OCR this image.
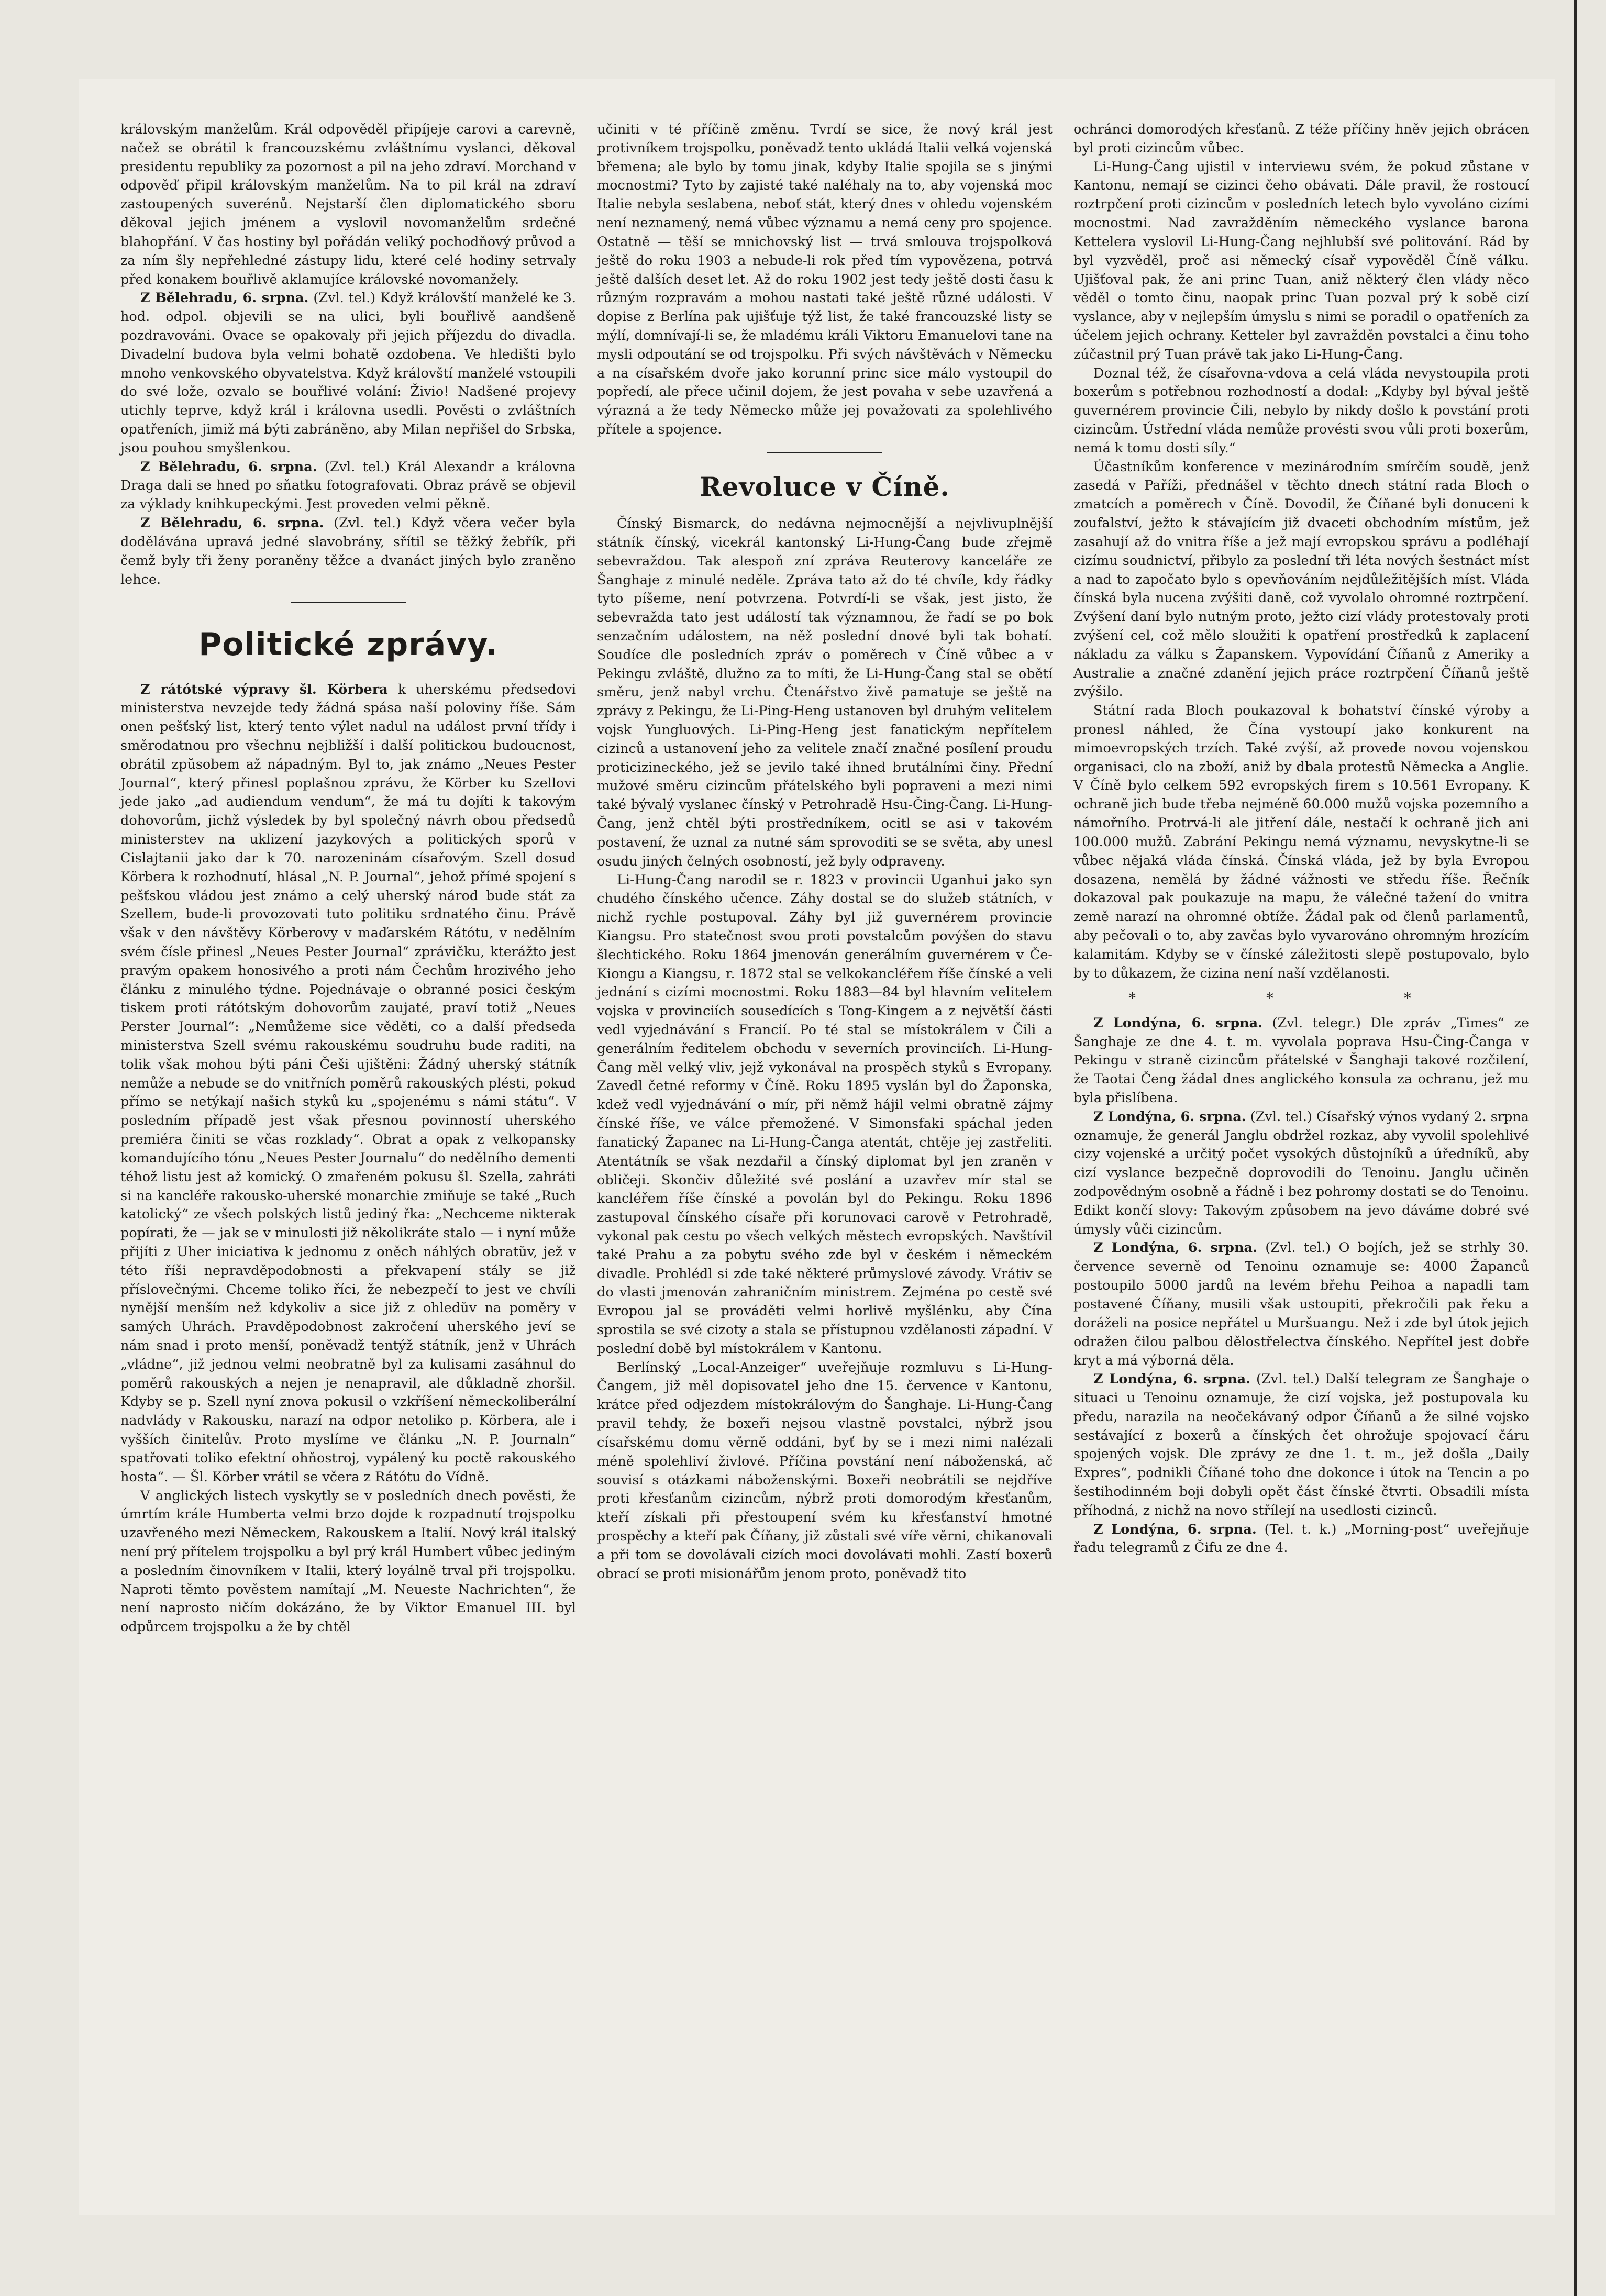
královským manželům. Král odpověděl připíjeje carovi a carevně, načež se obrátil k francouzskému zvláštnímu vyslanci, děkoval presidentu republiky za pozornost a pil na jeho zdraví. Morchand v odpověď připil královským manželům. Na to pil král na zdraví zastoupených suverénů. Nejstarší člen diplomatického sboru děkoval jejich jménem a vyslovil novomanželům srdečné blahopřání. V čas hostiny byl pořádán veliký pochodňový průvod a za ním šly nepřehledné zástupy lidu, které celé hodiny setrvaly před konakem bouřlivě aklamujíce královské novomanžely.

Z Bělehradu, 6. srpna. (Zvl. tel.) Když královští manželé ke 3. hod. odpol. objevili se na ulici, byli bouřlivě aandšeně pozdravováni. Ovace se opakovaly při jejich příjezdu do divadla. Divadelní budova byla velmi bohatě ozdobena. Ve hledišti bylo mnoho venkovského obyvatelstva. Když královští manželé vstoupili do své lože, ozvalo se bouřlivé volání: Živio! Nadšené projevy utichly teprve, když král i královna usedli. Pověsti o zvláštních opatřeních, jimiž má býti zabráněno, aby Milan nepřišel do Srbska, jsou pouhou smyšlenkou.

Z Bělehradu, 6. srpna. (Zvl. tel.) Král Alexandr a královna Draga dali se hned po sňatku fotografovati. Obraz právě se objevil za výklady knihkupeckými. Jest proveden velmi pěkně.

Z Bělehradu, 6. srpna. (Zvl. tel.) Když včera večer byla dodělávána upravá jedné slavobrány, sřítil se těžký žebřík, při čemž byly tři ženy poraněny těžce a dvanáct jiných bylo zraněno lehce.

Politické zprávy.

Z rátótské výpravy šl. Körbera k uherskému předsedovi ministerstva nevzejde tedy žádná spása naší poloviny říše. Sám onen pešťský list, který tento výlet nadul na událost první třídy i směrodatnou pro všechnu nejbližší i další politickou budoucnost, obrátil zpŭsobem až nápadným. Byl to, jak známo „Neues Pester Journal“, který přinesl poplašnou zprávu, že Körber ku Szellovi jede jako „ad audiendum vendum“, že má tu dojíti k takovým dohovorům, jichž výsledek by byl společný návrh obou předsedů ministerstev na uklizení jazykových a politických sporů v Cislajtanii jako dar k 70. narozeninám císařovým. Szell dosud Körbera k rozhodnutí, hlásal „N. P. Journal“, jehož přímé spojení s pešťskou vládou jest známo a celý uherský národ bude stát za Szellem, bude-li provozovati tuto politiku srdnatého činu. Právě však v den návštěvy Körberovy v maďarském Rátótu, v nedělním svém čísle přinesl „Neues Pester Journal“ zprávičku, kterážto jest pravým opakem honosivého a proti nám Čechům hrozivého jeho článku z minulého týdne. Pojednávaje o obranné posici českým tiskem proti rátótským dohovorům zaujaté, praví totiž „Neues Perster Journal“: „Nemůžeme sice věděti, co a další předseda ministerstva Szell svému rakouskému soudruhu bude raditi, na tolik však mohou býti páni Češi ujištěni: Žádný uherský státník nemůže a nebude se do vnitřních poměrů rakouských plésti, pokud přímo se netýkají našich styků ku „spojenému s námi státu“. V posledním případě jest však přesnou povinností uherského premiéra činiti se včas rozklady“. Obrat a opak z velkopansky komandujícího tónu „Neues Pester Journalu“ do nedělního dementi téhož listu jest až komický. O zmařeném pokusu šl. Szella, zahráti si na kancléře rakousko-uherské monarchie zmiňuje se také „Ruch katolický“ ze všech polských listů jediný řka: „Nechceme nikterak popírati, že — jak se v minulosti již několikráte stalo — i nyní může přijíti z Uher iniciativa k jednomu z oněch náhlých obratŭv, jež v této říši nepravděpodobnosti a překvapení stály se již příslovečnými. Chceme toliko říci, že nebezpečí to jest ve chvíli nynější menším než kdykoliv a sice již z ohledŭv na poměry v samých Uhrách. Pravděpodobnost zakročení uherského jeví se nám snad i proto menší, poněvadž tentýž státník, jenž v Uhrách „vládne“, již jednou velmi neobratně byl za kulisami zasáhnul do poměrů rakouských a nejen je nenapravil, ale důkladně zhoršil. Kdyby se p. Szell nyní znova pokusil o vzkříšení německoliberální nadvlády v Rakousku, narazí na odpor netoliko p. Körbera, ale i vyšších činitelův. Proto myslíme ve článku „N. P. Journaln“ spatřovati toliko efektní ohňostroj, vypálený ku poctě rakouského hosta“. — Šl. Körber vrátil se včera z Rátótu do Vídně.

V anglických listech vyskytly se v posledních dnech pověsti, že úmrtím krále Humberta velmi brzo dojde k rozpadnutí trojspolku uzavřeného mezi Německem, Rakouskem a Italií. Nový král italský není prý přítelem trojspolku a byl prý král Humbert vůbec jediným a posledním činovníkem v Italii, který loyálně trval při trojspolku. Naproti těmto pověstem namítají „M. Neueste Nachrichten“, že není naprosto ničím dokázáno, že by Viktor Emanuel III. byl odpůrcem trojspolku a že by chtěl

učiniti v té příčině změnu. Tvrdí se sice, že nový král jest protivníkem trojspolku, poněvadž tento ukládá Italii velká vojenská břemena; ale bylo by tomu jinak, kdyby Italie spojila se s jinými mocnostmi? Tyto by zajisté také naléhaly na to, aby vojenská moc Italie nebyla seslabena, neboť stát, který dnes v ohledu vojenském není neznamený, nemá vůbec významu a nemá ceny pro spojence. Ostatně — těší se mnichovský list — trvá smlouva trojspolková ještě do roku 1903 a nebude-li rok před tím vypovězena, potrvá ještě dalších deset let. Až do roku 1902 jest tedy ještě dosti času k různým rozpravám a mohou nastati také ještě různé události. V dopise z Berlína pak ujišťuje týž list, že také francouzské listy se mýlí, domnívají-li se, že mladému králi Viktoru Emanuelovi tane na mysli odpoutání se od trojspolku. Při svých návštěvách v Německu a na císařském dvoře jako korunní princ sice málo vystoupil do popředí, ale přece učinil dojem, že jest povaha v sebe uzavřená a výrazná a že tedy Německo může jej považovati za spolehlivého přítele a spojence.

Revoluce v Číně.

Čínský Bismarck, do nedávna nejmocnější a nejvlivuplnější státník čínský, vicekrál kantonský Li-Hung-Čang bude zřejmě sebevraždou. Tak alespoň zní zpráva Reuterovy kanceláře ze Šanghaje z minulé neděle. Zpráva tato až do té chvíle, kdy řádky tyto píšeme, není potvrzena. Potvrdí-li se však, jest jisto, že sebevražda tato jest událostí tak významnou, že řadí se po bok senzačním událostem, na něž poslední dnové byli tak bohatí. Soudíce dle posledních zpráv o poměrech v Číně vůbec a v Pekingu zvláště, dlužno za to míti, že Li-Hung-Čang stal se obětí směru, jenž nabyl vrchu. Čtenářstvo živě pamatuje se ještě na zprávy z Pekingu, že Li-Ping-Heng ustanoven byl druhým velitelem vojsk Yungluových. Li-Ping-Heng jest fanatickým nepřítelem cizinců a ustanovení jeho za velitele značí značné posílení proudu proticizineckého, jež se jevilo také ihned brutálními činy. Přední mužové směru cizincům přátelského byli popraveni a mezi nimi také bývalý vyslanec čínský v Petrohradě Hsu-Čing-Čang. Li-Hung-Čang, jenž chtěl býti prostředníkem, ocitl se asi v takovém postavení, že uznal za nutné sám sprovoditi se se světa, aby unesl osudu jiných čelných osobností, jež byly odpraveny.

Li-Hung-Čang narodil se r. 1823 v provincii Uganhui jako syn chudého čínského učence. Záhy dostal se do služeb státních, v nichž rychle postupoval. Záhy byl již guvernérem provincie Kiangsu. Pro statečnost svou proti povstalcům povýšen do stavu šlechtického. Roku 1864 jmenován generálním guvernérem v Če-Kiongu a Kiangsu, r. 1872 stal se velkokancléřem říše čínské a veli jednání s cizími mocnostmi. Roku 1883—84 byl hlavním velitelem vojska v provinciích sousedících s Tong-Kingem a z největší části vedl vyjednávání s Francií. Po té stal se místokrálem v Čili a generálním ředitelem obchodu v severních provinciích. Li-Hung-Čang měl velký vliv, jejž vykonával na prospěch styků s Evropany. Zavedl četné reformy v Číně. Roku 1895 vyslán byl do Žaponska, kdež vedl vyjednávání o mír, při němž hájil velmi obratně zájmy čínské říše, ve válce přemožené. V Simonsfaki spáchal jeden fanatický Žapanec na Li-Hung-Čanga atentát, chtěje jej zastřeliti. Atentátník se však nezdařil a čínský diplomat byl jen zraněn v obličeji. Skončiv důležité své poslání a uzavřev mír stal se kancléřem říše čínské a povolán byl do Pekingu. Roku 1896 zastupoval čínského císaře při korunovaci carově v Petrohradě, vykonal pak cestu po všech velkých městech evropských. Navštívil také Prahu a za pobytu svého zde byl v českém i německém divadle. Prohlédl si zde také některé průmyslové závody. Vrátiv se do vlasti jmenován zahraničním ministrem. Zejména po cestě své Evropou jal se prováděti velmi horlivě myšlénku, aby Čína sprostila se své cizoty a stala se přístupnou vzdělanosti západní. V poslední době byl místokrálem v Kantonu.

Berlínský „Local-Anzeiger“ uveřejňuje rozmluvu s Li-Hung-Čangem, již měl dopisovatel jeho dne 15. července v Kantonu, krátce před odjezdem místokrálovým do Šanghaje. Li-Hung-Čang pravil tehdy, že boxeři nejsou vlastně povstalci, nýbrž jsou císařskému domu věrně oddáni, byť by se i mezi nimi nalézali méně spolehliví živlové. Příčina povstání není náboženská, ač souvisí s otázkami náboženskými. Boxeři neobrátili se nejdříve proti křesťanům cizincům, nýbrž proti domorodým křesťanům, kteří získali při přestoupení svém ku křesťanství hmotné prospěchy a kteří pak Číňany, již zůstali své víře věrni, chikanovali a při tom se dovolávali cizích moci dovolávati mohli. Zastí boxerů obrací se proti misionářům jenom proto, poněvadž tito

ochránci domorodých křesťanů. Z téže příčiny hněv jejich obrácen byl proti cizincům vůbec.

Li-Hung-Čang ujistil v interviewu svém, že pokud zůstane v Kantonu, nemají se cizinci čeho obávati. Dále pravil, že rostoucí roztrpčení proti cizincům v posledních letech bylo vyvoláno cizími mocnostmi. Nad zavražděním německého vyslance barona Kettelera vyslovil Li-Hung-Čang nejhlubší své politování. Rád by byl vyzvěděl, proč asi německý císař vypověděl Číně válku. Ujišťoval pak, že ani princ Tuan, aniž některý člen vlády něco věděl o tomto činu, naopak princ Tuan pozval prý k sobě cizí vyslance, aby v nejlepším úmyslu s nimi se poradil o opatřeních za účelem jejich ochrany. Ketteler byl zavražděn povstalci a činu toho zúčastnil prý Tuan právě tak jako Li-Hung-Čang.

Doznal též, že císařovna-vdova a celá vláda nevystoupila proti boxerům s potřebnou rozhodností a dodal: „Kdyby byl býval ještě guvernérem provincie Čili, nebylo by nikdy došlo k povstání proti cizincům. Ústřední vláda nemůže provésti svou vůli proti boxerům, nemá k tomu dosti síly.“

Účastníkům konference v mezinárodním smírčím soudě, jenž zasedá v Paříži, přednášel v těchto dnech státní rada Bloch o zmatcích a poměrech v Číně. Dovodil, že Číňané byli donuceni k zoufalství, ježto k stávajícím již dvaceti obchodním místům, jež zasahují až do vnitra říše a jež mají evropskou správu a podléhají cizímu soudnictví, přibylo za poslední tři léta nových šestnáct míst a nad to započato bylo s opevňováním nejdůležitějších míst. Vláda čínská byla nucena zvýšiti daně, což vyvolalo ohromné roztrpčení. Zvýšení daní bylo nutným proto, ježto cizí vlády protestovaly proti zvýšení cel, což mělo sloužiti k opatření prostředků k zaplacení nákladu za válku s Žapanskem. Vypovídání Číňanů z Ameriky a Australie a značné zdanění jejich práce roztrpčení Číňanů ještě zvýšilo.

Státní rada Bloch poukazoval k bohatství čínské výroby a pronesl náhled, že Čína vystoupí jako konkurent na mimoevropských trzích. Také zvýší, až provede novou vojenskou organisaci, clo na zboží, aniž by dbala protestů Německa a Anglie. V Číně bylo celkem 592 evropských firem s 10.561 Evropany. K ochraně jich bude třeba nejméně 60.000 mužů vojska pozemního a námořního. Protrvá-li ale jitření dále, nestačí k ochraně jich ani 100.000 mužů. Zabrání Pekingu nemá významu, nevyskytne-li se vůbec nějaká vláda čínská. Čínská vláda, jež by byla Evropou dosazena, nemělá by žádné vážnosti ve středu říše. Řečník dokazoval pak poukazuje na mapu, že válečné tažení do vnitra země narazí na ohromné obtíže. Žádal pak od členů parlamentů, aby pečovali o to, aby zavčas bylo vyvarováno ohromným hrozícím kalamitám. Kdyby se v čínské záležitosti slepě postupovalo, bylo by to důkazem, že cizina není naší vzdělanosti.

* * *

Z Londýna, 6. srpna. (Zvl. telegr.) Dle zpráv „Times“ ze Šanghaje ze dne 4. t. m. vyvolala poprava Hsu-Čing-Čanga v Pekingu v straně cizincům přátelské v Šanghaji takové rozčilení, že Taotai Čeng žádal dnes anglického konsula za ochranu, jež mu byla přislíbena.

Z Londýna, 6. srpna. (Zvl. tel.) Císařský výnos vydaný 2. srpna oznamuje, že generál Janglu obdržel rozkaz, aby vyvolil spolehlivé cizy vojenské a určitý počet vysokých důstojníků a úředníků, aby cizí vyslance bezpečně doprovodili do Tenoinu. Janglu učiněn zodpovědným osobně a řádně i bez pohromy dostati se do Tenoinu. Edikt končí slovy: Takovým způsobem na jevo dáváme dobré své úmysly vůči cizincům.

Z Londýna, 6. srpna. (Zvl. tel.) O bojích, jež se strhly 30. července severně od Tenoinu oznamuje se: 4000 Žapanců postoupilo 5000 jardů na levém břehu Peihoa a napadli tam postavené Číňany, musili však ustoupiti, překročili pak řeku a doráželi na posice nepřátel u Muršuangu. Než i zde byl útok jejich odražen čilou palbou dělostřelectva čínského. Nepřítel jest dobře kryt a má výborná děla.

Z Londýna, 6. srpna. (Zvl. tel.) Další telegram ze Šanghaje o situaci u Tenoinu oznamuje, že cizí vojska, jež postupovala ku předu, narazila na neočekávaný odpor Číňanů a že silné vojsko sestávající z boxerů a čínských čet ohrožuje spojovací čáru spojených vojsk. Dle zprávy ze dne 1. t. m., jež došla „Daily Expres“, podnikli Číňané toho dne dokonce i útok na Tencin a po šestihodinném boji dobyli opět část čínské čtvrti. Obsadili místa příhodná, z nichž na novo střílejí na usedlosti cizinců.

Z Londýna, 6. srpna. (Tel. t. k.) „Morning-post“ uveřejňuje řadu telegramů z Čifu ze dne 4.
